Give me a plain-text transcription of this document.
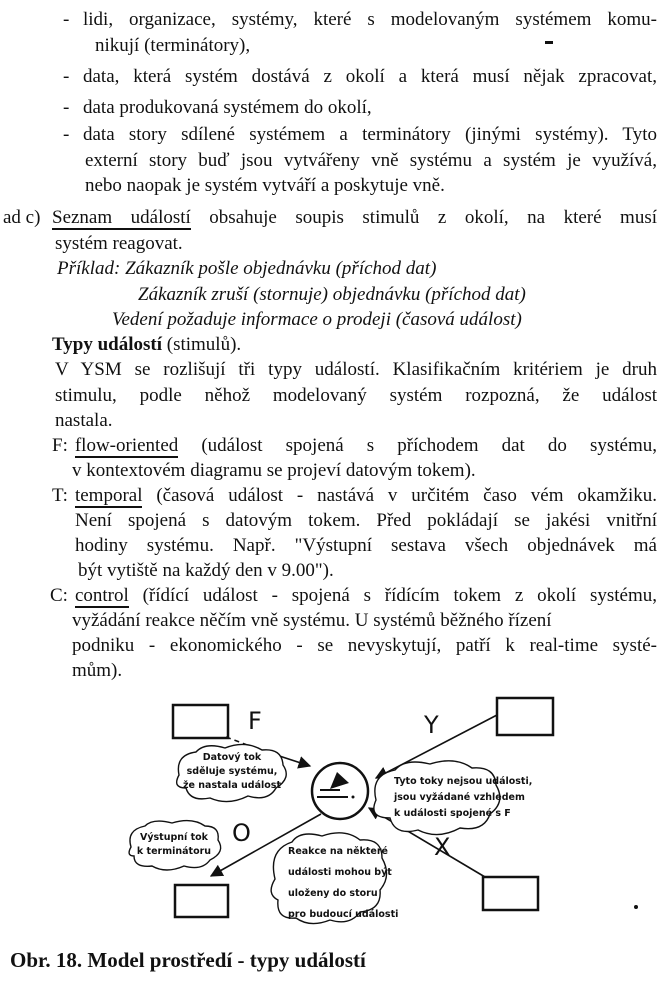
- lidi, organizace, systémy, které s modelovaným systémem komu-
nikují (terminátory),
- data, která systém dostává z okolí a která musí nějak zpracovat,
- data produkovaná systémem do okolí,
- data story sdílené systémem a terminátory (jinými systémy). Tyto
externí story buď jsou vytvářeny vně systému a systém je využívá,
nebo naopak je systém vytváří a poskytuje vně.
ad c) Seznam událostí obsahuje soupis stimulů z okolí, na které musí
systém reagovat.
Příklad: Zákazník pošle objednávku (příchod dat)
Zákazník zruší (stornuje) objednávku (příchod dat)
Vedení požaduje informace o prodeji (časová událost)
Typy událostí (stimulů).
V YSM se rozlišují tři typy událostí. Klasifikačním kritériem je druh
stimulu, podle něhož modelovaný systém rozpozná, že událost
nastala.
F: flow-oriented (událost spojená s příchodem dat do systému,
v kontextovém diagramu se projeví datovým tokem).
T: temporal (časová událost - nastává v určitém časo vém okamžiku.
Není spojená s datovým tokem. Před pokládají se jakési vnitřní
hodiny systému. Např. "Výstupní sestava všech objednávek má
být vytiště na každý den v 9.00").
C: control (řídící událost - spojená s řídícím tokem z okolí systému,
vyžádání reakce něčím vně systému. U systémů běžného řízení
podniku - ekonomického - se nevyskytují, patří k real-time systé-
mům).
F	Y
O	X
Datový tok
sděluje systému,
že nastala událost	Tyto toky nejsou události,
jsou vyžádané vzhledem
k události spojené s F
Výstupní tok
k terminátoru	Reakce na některé
události mohou být
uloženy do storu
pro budoucí události
Obr. 18. Model prostředí - typy událostí
